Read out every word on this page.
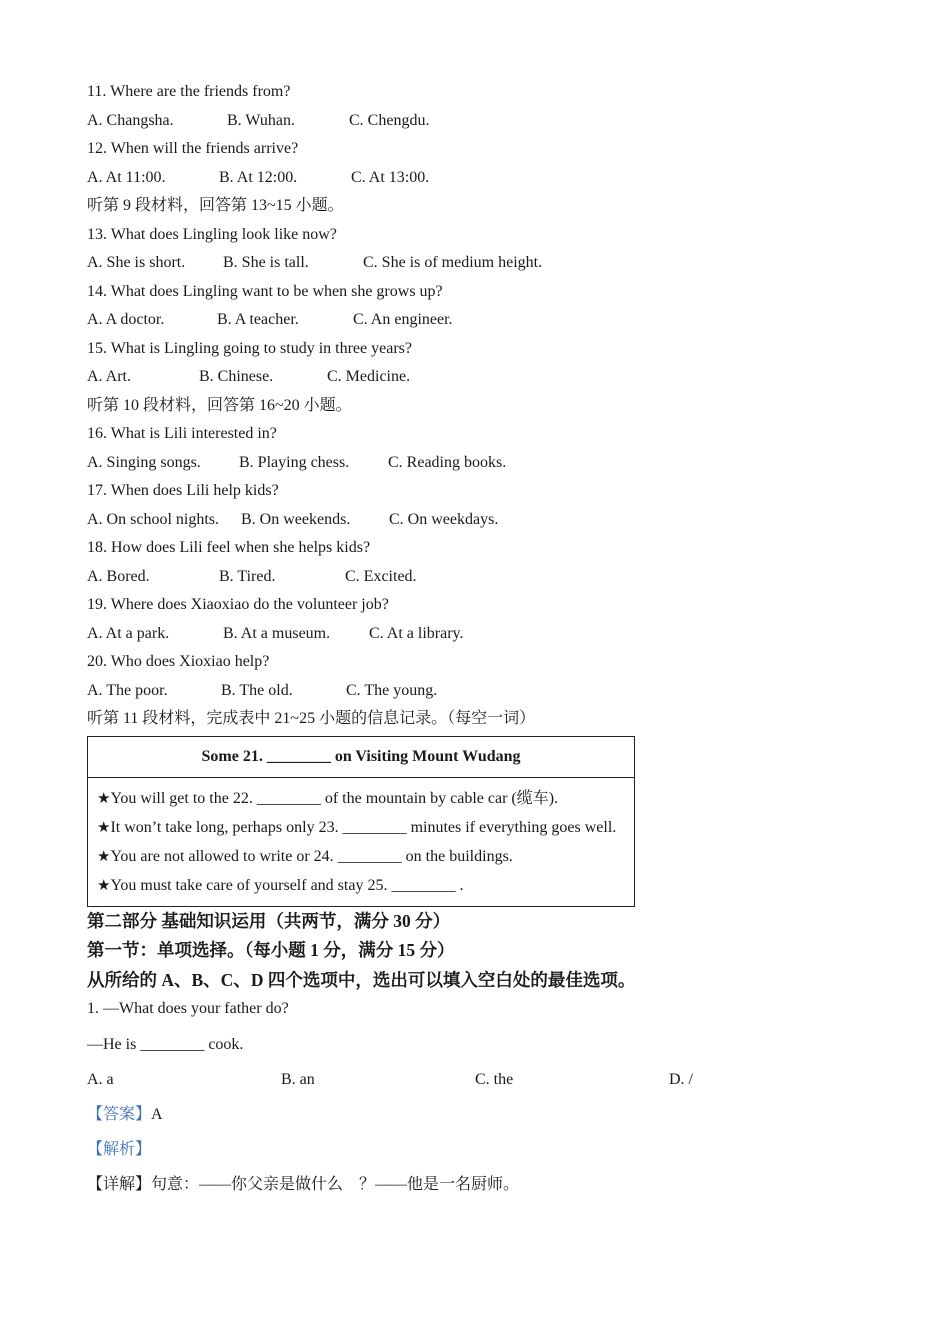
11. Where are the friends from?
A. Changsha.	B. Wuhan.	C. Chengdu.
12. When will the friends arrive?
A. At 11:00.	B. At 12:00.	C. At 13:00.
听第 9 段材料，回答第 13~15 小题。
13. What does Lingling look like now?
A. She is short.	B. She is tall.	C. She is of medium height.
14. What does Lingling want to be when she grows up?
A. A doctor.	B. A teacher.	C. An engineer.
15. What is Lingling going to study in three years?
A. Art.	B. Chinese.	C. Medicine.
听第 10 段材料，回答第 16~20 小题。
16. What is Lili interested in?
A. Singing songs.	B. Playing chess.	C. Reading books.
17. When does Lili help kids?
A. On school nights.	B. On weekends.	C. On weekdays.
18. How does Lili feel when she helps kids?
A. Bored.	B. Tired.	C. Excited.
19. Where does Xiaoxiao do the volunteer job?
A. At a park.	B. At a museum.	C. At a library.
20. Who does Xioxiao help?
A. The poor.	B. The old.	C. The young.
听第 11 段材料，完成表中 21~25 小题的信息记录。（每空一词）
Some 21. ________ on Visiting Mount Wudang

★You will get to the 22. ________ of the mountain by cable car (缆车).
★It won’t take long, perhaps only 23. ________ minutes if everything goes well.
★You are not allowed to write or 24. ________ on the buildings.
★You must take care of yourself and stay 25. ________ .
第二部分 基础知识运用（共两节，满分 30 分）
第一节：单项选择。（每小题 1 分，满分 15 分）
从所给的 A、B、C、D 四个选项中，选出可以填入空白处的最佳选项。
1. —What does your father do?
—He is ________ cook.
A. a	B. an	C. the	D. /
【答案】A
【解析】
【详解】句意：——你父亲是做什么　？——他是一名厨师。
